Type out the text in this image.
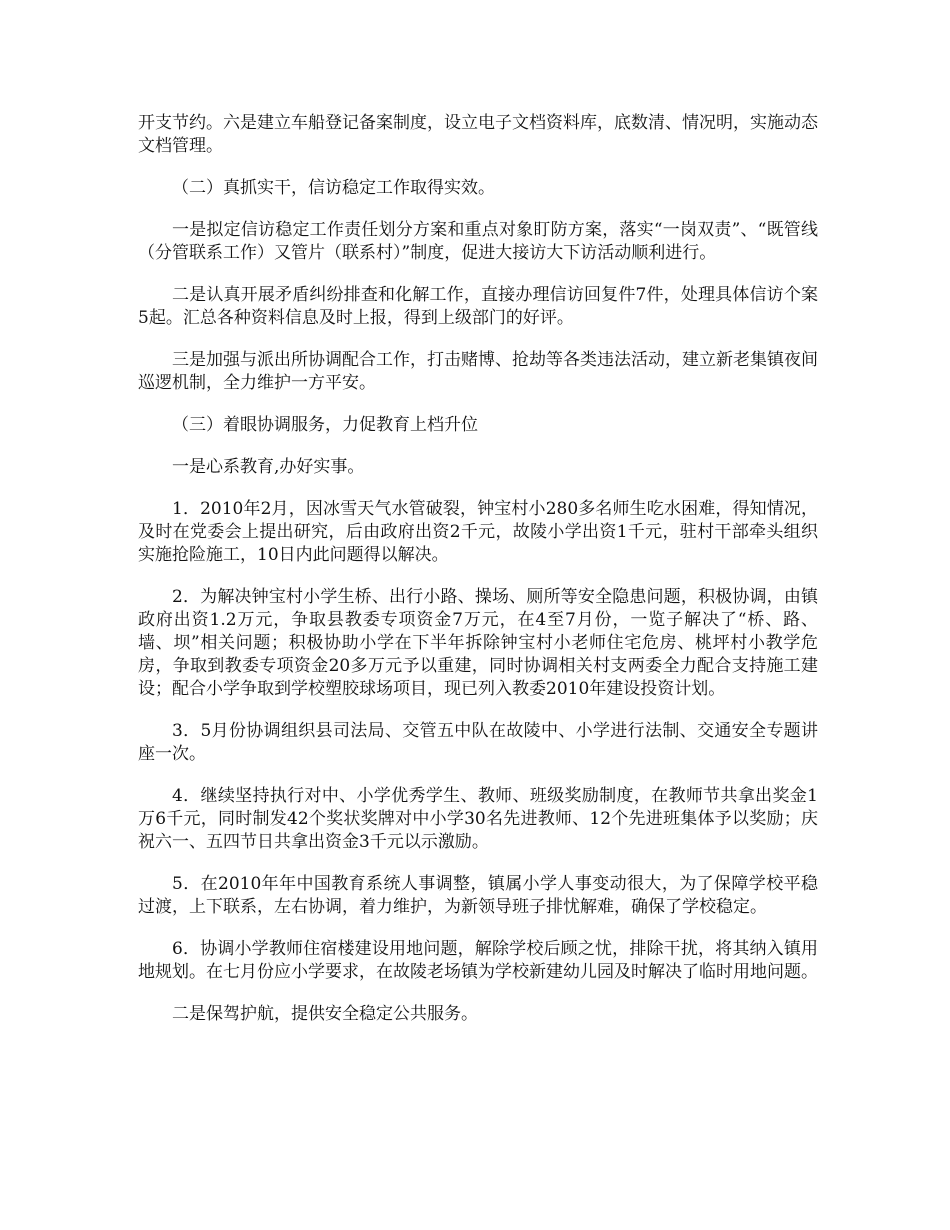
开支节约。六是建立车船登记备案制度，设立电子文档资料库，底数清、情况明，实施动态文档管理。

（二）真抓实干，信访稳定工作取得实效。

一是拟定信访稳定工作责任划分方案和重点对象盯防方案，落实“一岗双责”、“既管线（分管联系工作）又管片（联系村）”制度，促进大接访大下访活动顺利进行。

二是认真开展矛盾纠纷排查和化解工作，直接办理信访回复件7件，处理具体信访个案5起。汇总各种资料信息及时上报，得到上级部门的好评。

三是加强与派出所协调配合工作，打击赌博、抢劫等各类违法活动，建立新老集镇夜间巡逻机制，全力维护一方平安。

（三）着眼协调服务，力促教育上档升位

一是心系教育,办好实事。

1．2010年2月，因冰雪天气水管破裂，钟宝村小280多名师生吃水困难，得知情况，及时在党委会上提出研究，后由政府出资2千元，故陵小学出资1千元，驻村干部牵头组织实施抢险施工，10日内此问题得以解决。

2．为解决钟宝村小学生桥、出行小路、操场、厕所等安全隐患问题，积极协调，由镇政府出资1.2万元，争取县教委专项资金7万元，在4至7月份，一览子解决了“桥、路、墙、坝”相关问题；积极协助小学在下半年拆除钟宝村小老师住宅危房、桃坪村小教学危房，争取到教委专项资金20多万元予以重建，同时协调相关村支两委全力配合支持施工建设；配合小学争取到学校塑胶球场项目，现已列入教委2010年建设投资计划。

3．5月份协调组织县司法局、交管五中队在故陵中、小学进行法制、交通安全专题讲座一次。

4．继续坚持执行对中、小学优秀学生、教师、班级奖励制度，在教师节共拿出奖金1万6千元，同时制发42个奖状奖牌对中小学30名先进教师、12个先进班集体予以奖励；庆祝六一、五四节日共拿出资金3千元以示激励。

5．在2010年年中国教育系统人事调整，镇属小学人事变动很大，为了保障学校平稳过渡，上下联系，左右协调，着力维护，为新领导班子排忧解难，确保了学校稳定。

6．协调小学教师住宿楼建设用地问题，解除学校后顾之忧，排除干扰，将其纳入镇用地规划。在七月份应小学要求，在故陵老场镇为学校新建幼儿园及时解决了临时用地问题。

二是保驾护航，提供安全稳定公共服务。
